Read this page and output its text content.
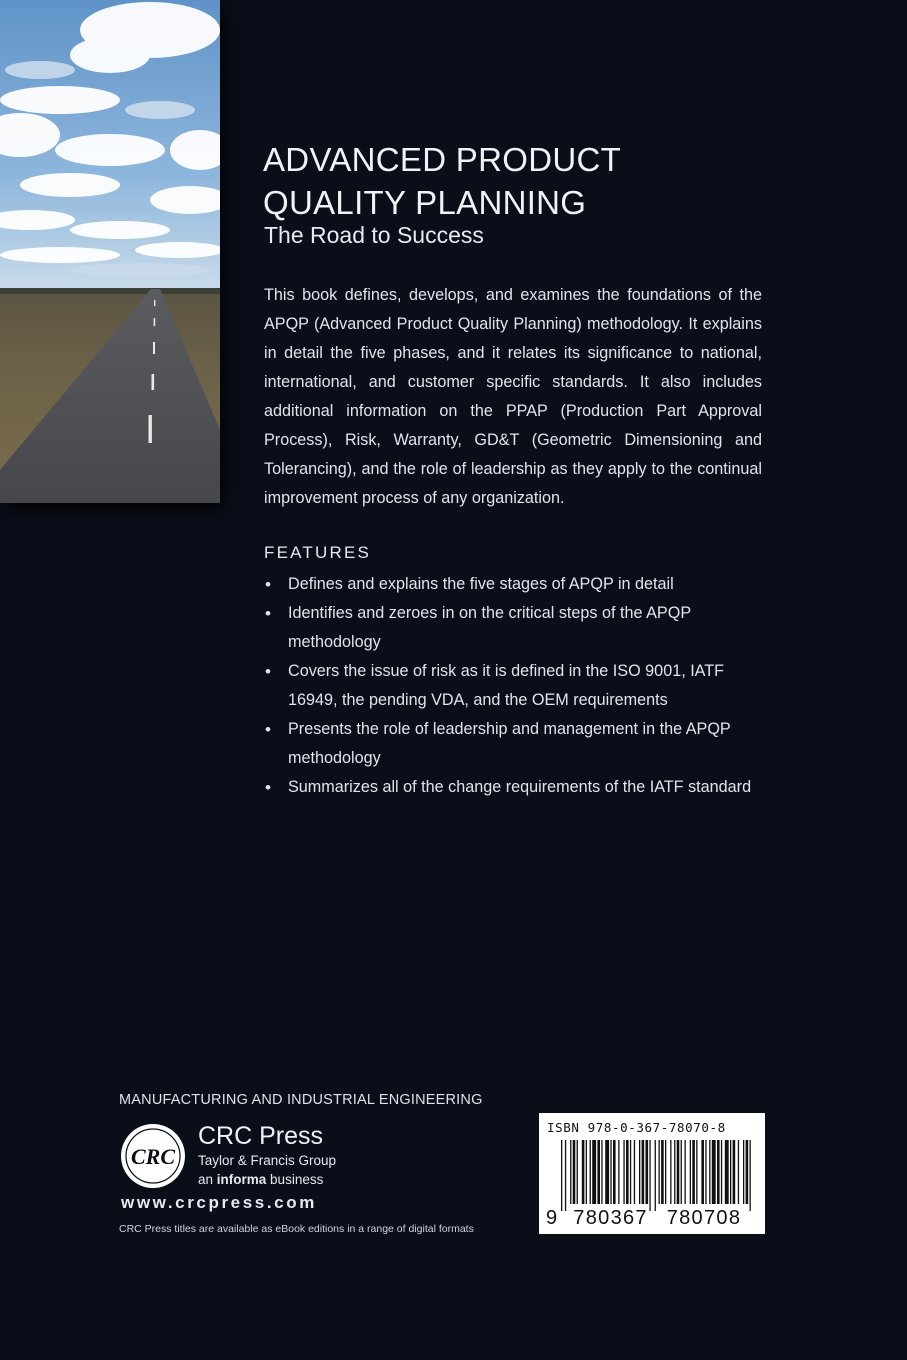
ADVANCED PRODUCT
QUALITY PLANNING
The Road to Success

This book defines, develops, and examines the foundations of the APQP (Advanced Product Quality Planning) methodology. It explains in detail the five phases, and it relates its significance to national, international, and customer specific standards. It also includes additional information on the PPAP (Production Part Approval Process), Risk, Warranty, GD&T (Geometric Dimensioning and Tolerancing), and the role of leadership as they apply to the continual improvement process of any organization.

FEATURES
• Defines and explains the five stages of APQP in detail
• Identifies and zeroes in on the critical steps of the APQP methodology
• Covers the issue of risk as it is defined in the ISO 9001, IATF 16949, the pending VDA, and the OEM requirements
• Presents the role of leadership and management in the APQP methodology
• Summarizes all of the change requirements of the IATF standard
MANUFACTURING AND INDUSTRIAL ENGINEERING
CRC
CRC Press
Taylor & Francis Group
an informa business
www.crcpress.com
CRC Press titles are available as eBook editions in a range of digital formats
ISBN 978-0-367-78070-8
9 780367 780708
